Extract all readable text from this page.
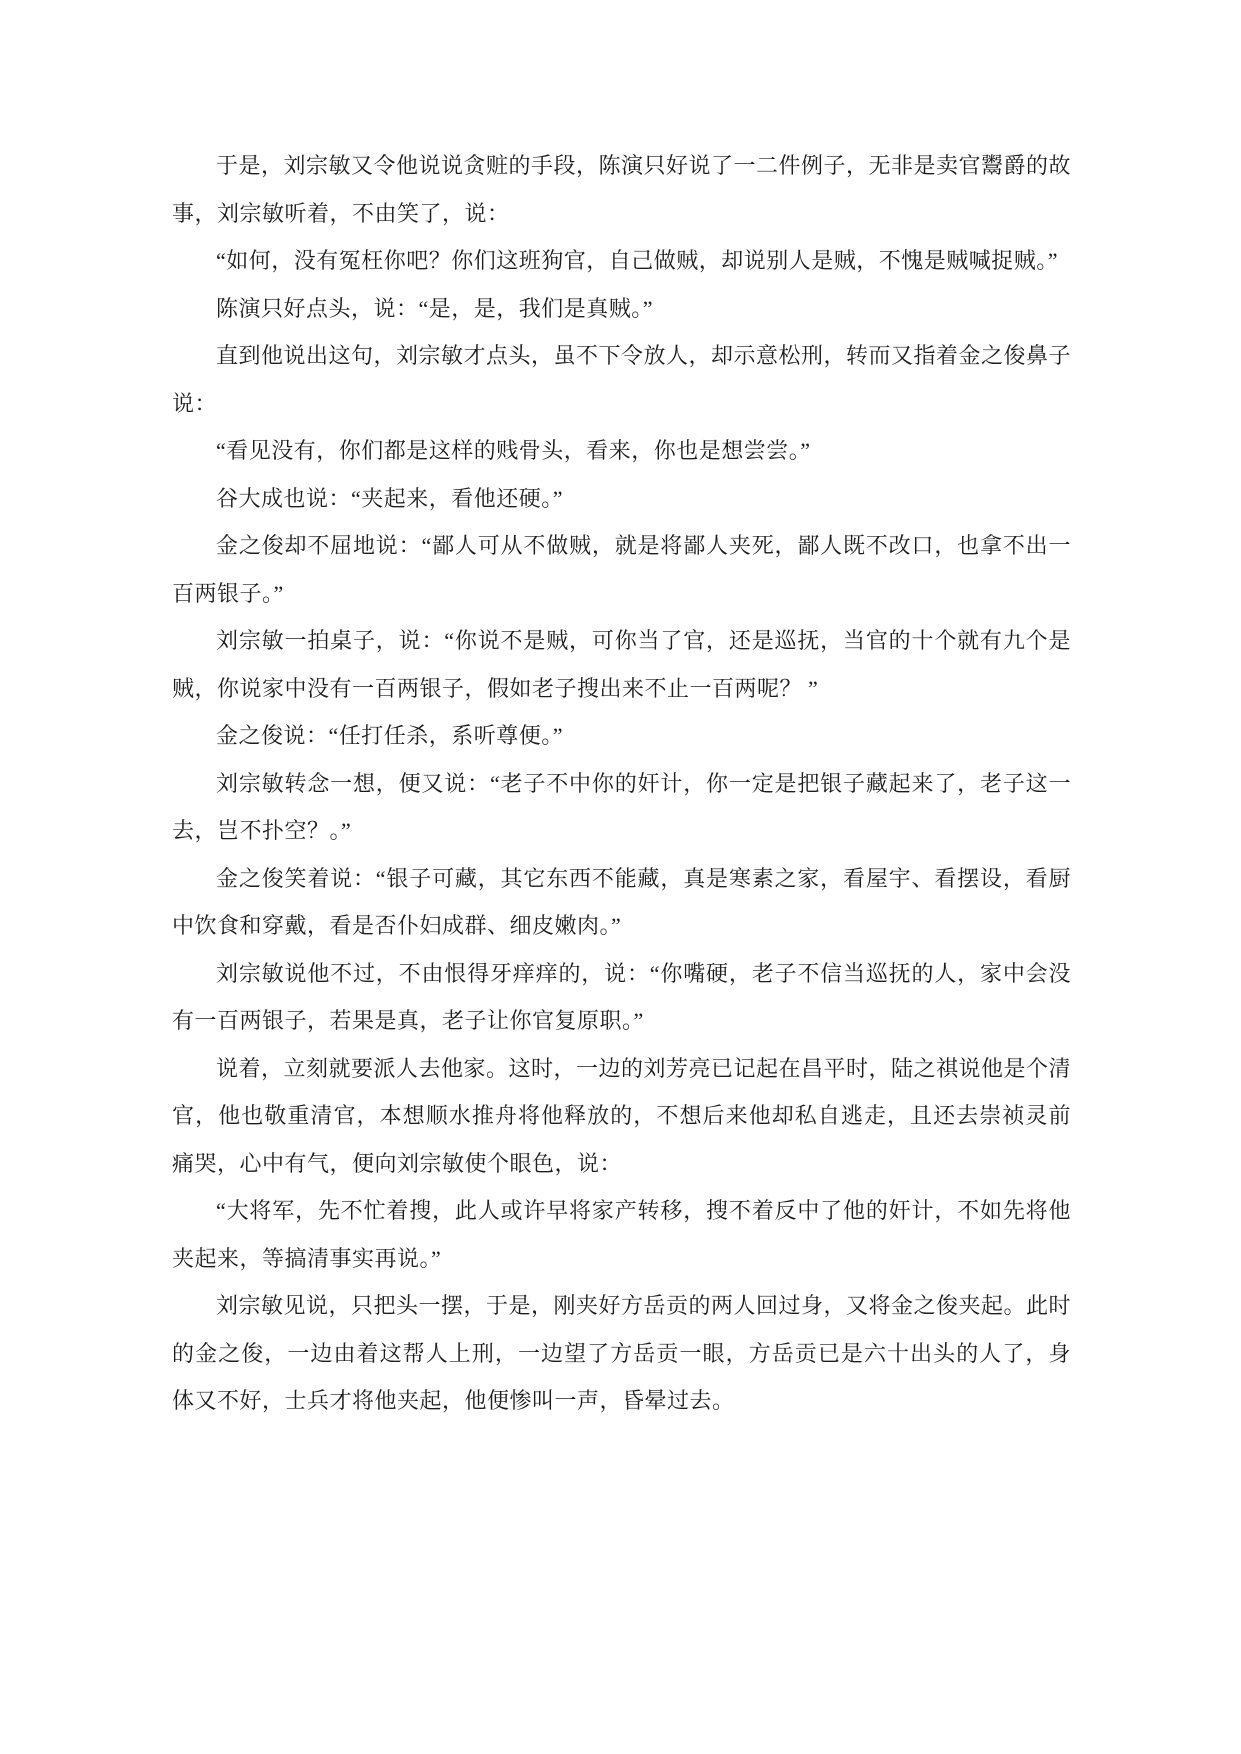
于是，刘宗敏又令他说说贪赃的手段，陈演只好说了一二件例子，无非是卖官鬻爵的故事，刘宗敏听着，不由笑了，说：

“如何，没有冤枉你吧？你们这班狗官，自己做贼，却说别人是贼，不愧是贼喊捉贼。”

陈演只好点头，说：“是，是，我们是真贼。”

直到他说出这句，刘宗敏才点头，虽不下令放人，却示意松刑，转而又指着金之俊鼻子说：

“看见没有，你们都是这样的贱骨头，看来，你也是想尝尝。”

谷大成也说：“夹起来，看他还硬。”

金之俊却不屈地说：“鄙人可从不做贼，就是将鄙人夹死，鄙人既不改口，也拿不出一百两银子。”

刘宗敏一拍桌子，说：“你说不是贼，可你当了官，还是巡抚，当官的十个就有九个是贼，你说家中没有一百两银子，假如老子搜出来不止一百两呢？ ”

金之俊说：“任打任杀，系听尊便。”

刘宗敏转念一想，便又说：“老子不中你的奸计，你一定是把银子藏起来了，老子这一去，岂不扑空？。”

金之俊笑着说：“银子可藏，其它东西不能藏，真是寒素之家，看屋宇、看摆设，看厨中饮食和穿戴，看是否仆妇成群、细皮嫩肉。”

刘宗敏说他不过，不由恨得牙痒痒的，说：“你嘴硬，老子不信当巡抚的人，家中会没有一百两银子，若果是真，老子让你官复原职。”

说着，立刻就要派人去他家。这时，一边的刘芳亮已记起在昌平时，陆之祺说他是个清官，他也敬重清官，本想顺水推舟将他释放的，不想后来他却私自逃走，且还去崇祯灵前痛哭，心中有气，便向刘宗敏使个眼色，说：

“大将军，先不忙着搜，此人或许早将家产转移，搜不着反中了他的奸计，不如先将他夹起来，等搞清事实再说。”

刘宗敏见说，只把头一摆，于是，刚夹好方岳贡的两人回过身，又将金之俊夹起。此时的金之俊，一边由着这帮人上刑，一边望了方岳贡一眼，方岳贡已是六十出头的人了，身体又不好，士兵才将他夹起，他便惨叫一声，昏晕过去。
